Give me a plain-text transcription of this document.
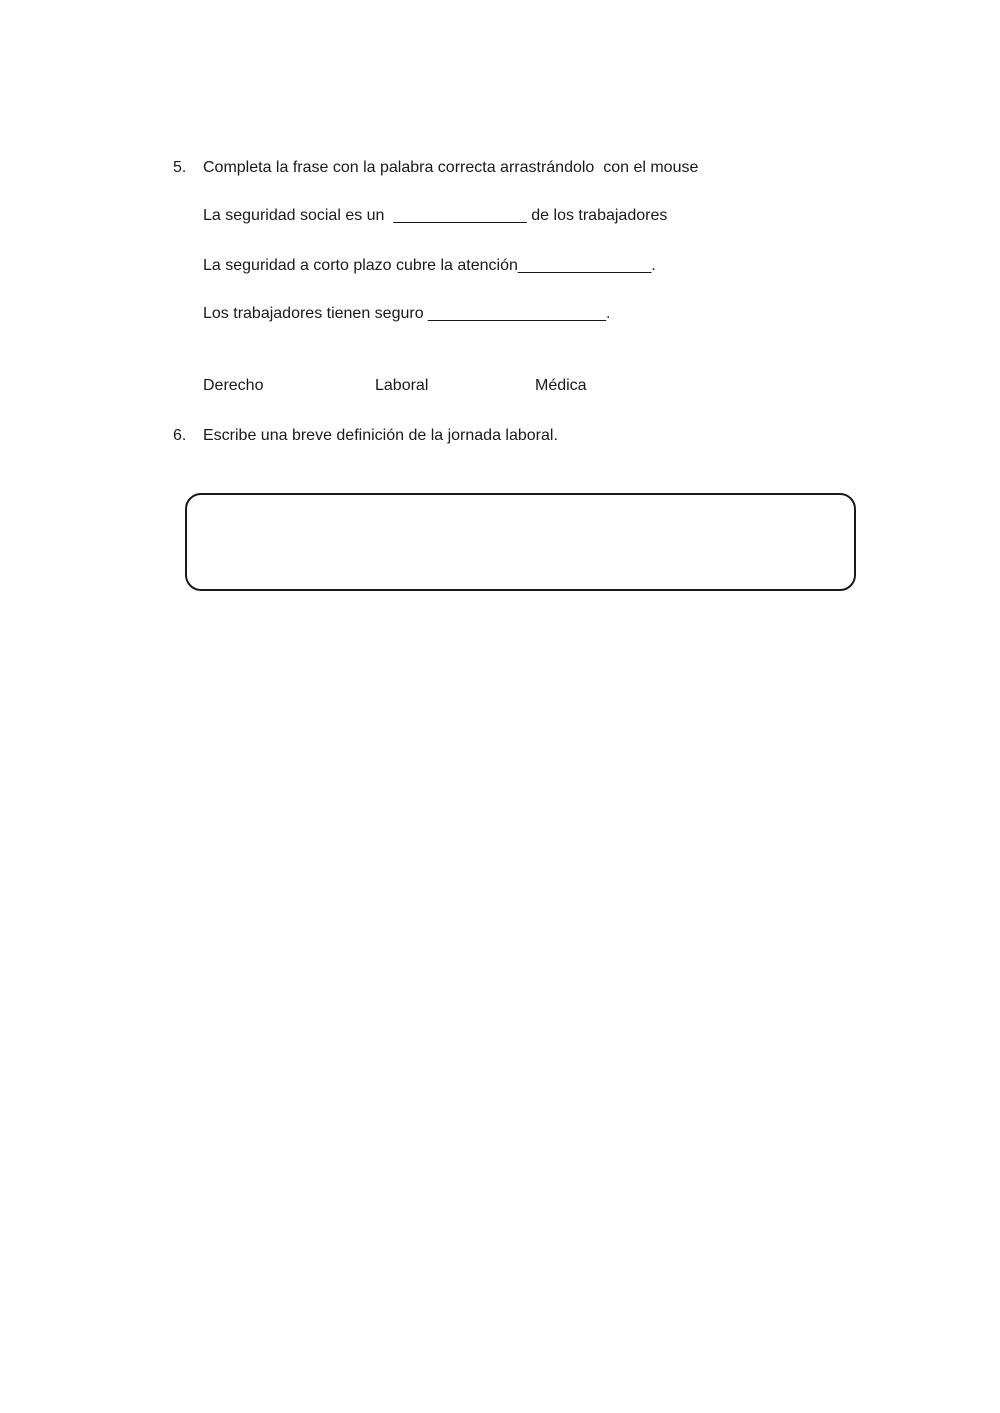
5. Completa la frase con la palabra correcta arrastrándolo  con el mouse
La seguridad social es un  _______________ de los trabajadores
La seguridad a corto plazo cubre la atención_______________.
Los trabajadores tienen seguro ____________________.
Derecho	Laboral	Médica
6. Escribe una breve definición de la jornada laboral.
